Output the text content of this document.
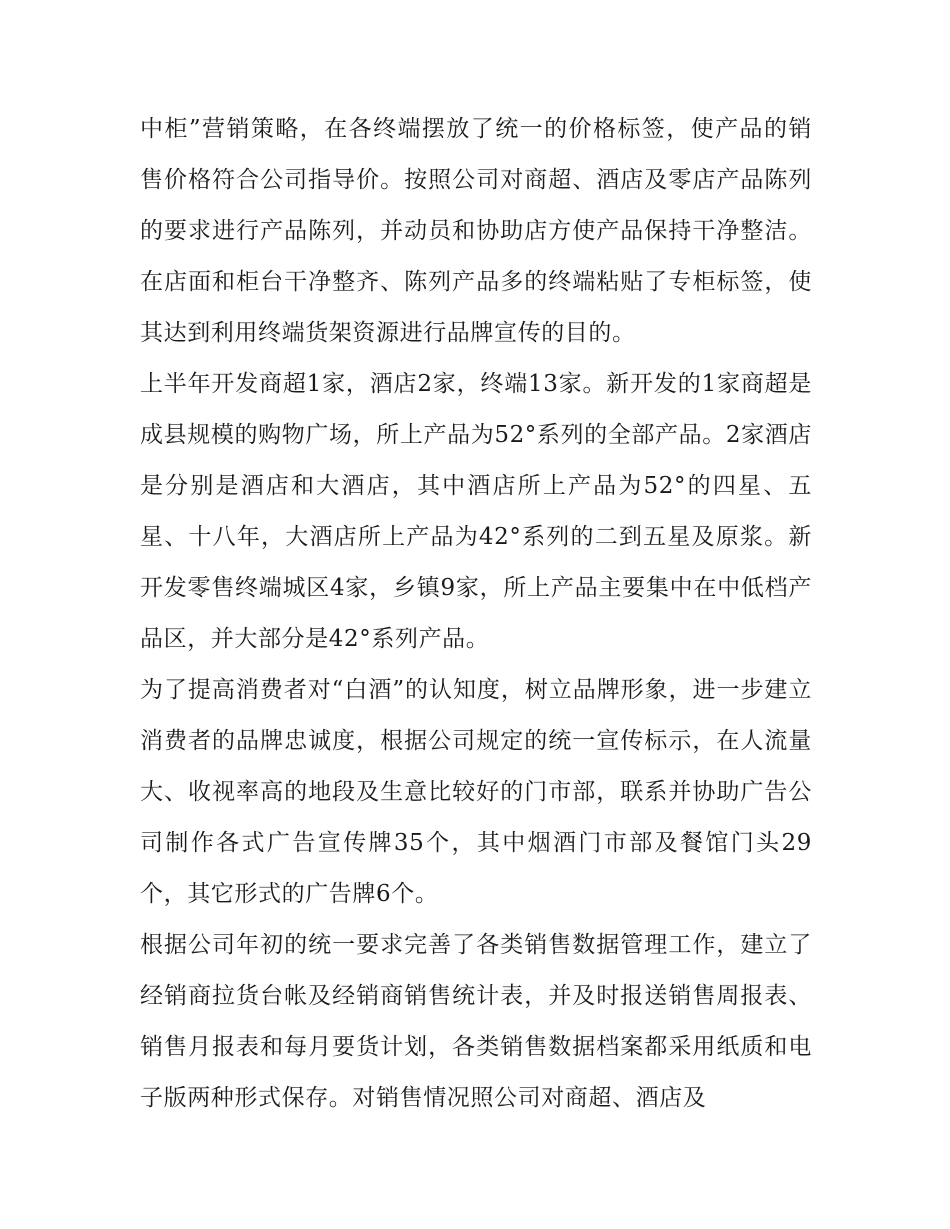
中柜”营销策略，在各终端摆放了统一的价格标签，使产品的销售价格符合公司指导价。按照公司对商超、酒店及零店产品陈列的要求进行产品陈列，并动员和协助店方使产品保持干净整洁。在店面和柜台干净整齐、陈列产品多的终端粘贴了专柜标签，使其达到利用终端货架资源进行品牌宣传的目的。

上半年开发商超1家，酒店2家，终端13家。新开发的1家商超是成县规模的购物广场，所上产品为52°系列的全部产品。2家酒店是分别是酒店和大酒店，其中酒店所上产品为52°的四星、五星、十八年，大酒店所上产品为42°系列的二到五星及原浆。新开发零售终端城区4家，乡镇9家，所上产品主要集中在中低档产品区，并大部分是42°系列产品。

为了提高消费者对“白酒”的认知度，树立品牌形象，进一步建立消费者的品牌忠诚度，根据公司规定的统一宣传标示，在人流量大、收视率高的地段及生意比较好的门市部，联系并协助广告公司制作各式广告宣传牌35个，其中烟酒门市部及餐馆门头29个，其它形式的广告牌6个。

根据公司年初的统一要求完善了各类销售数据管理工作，建立了经销商拉货台帐及经销商销售统计表，并及时报送销售周报表、销售月报表和每月要货计划，各类销售数据档案都采用纸质和电子版两种形式保存。对销售情况照公司对商超、酒店及
